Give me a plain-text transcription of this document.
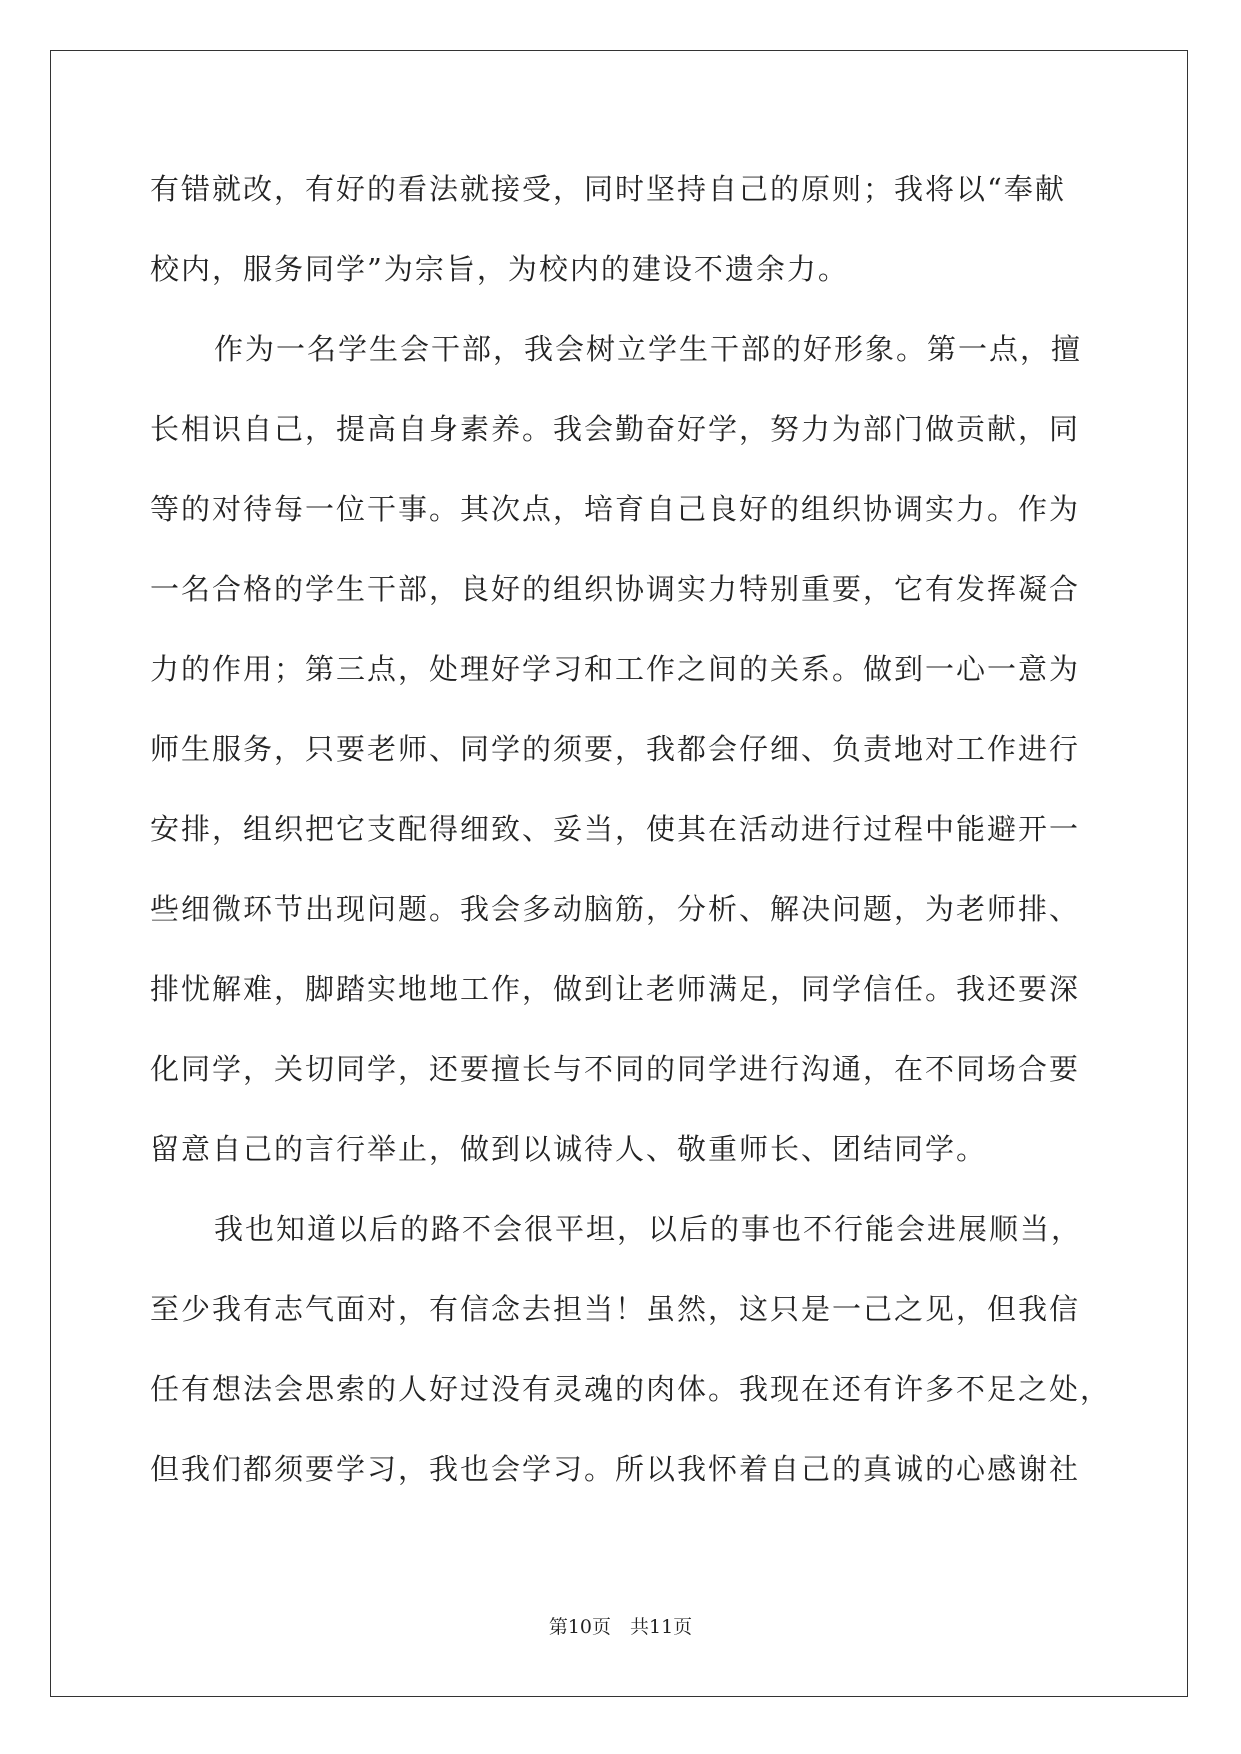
有错就改，有好的看法就接受，同时坚持自己的原则；我将以“奉献
校内，服务同学”为宗旨，为校内的建设不遗余力。
作为一名学生会干部，我会树立学生干部的好形象。第一点，擅
长相识自己，提高自身素养。我会勤奋好学，努力为部门做贡献，同
等的对待每一位干事。其次点，培育自己良好的组织协调实力。作为
一名合格的学生干部，良好的组织协调实力特别重要，它有发挥凝合
力的作用；第三点，处理好学习和工作之间的关系。做到一心一意为
师生服务，只要老师、同学的须要，我都会仔细、负责地对工作进行
安排，组织把它支配得细致、妥当，使其在活动进行过程中能避开一
些细微环节出现问题。我会多动脑筋，分析、解决问题，为老师排、
排忧解难，脚踏实地地工作，做到让老师满足，同学信任。我还要深
化同学，关切同学，还要擅长与不同的同学进行沟通，在不同场合要
留意自己的言行举止，做到以诚待人、敬重师长、团结同学。
我也知道以后的路不会很平坦，以后的事也不行能会进展顺当，
至少我有志气面对，有信念去担当！虽然，这只是一己之见，但我信
任有想法会思索的人好过没有灵魂的肉体。我现在还有许多不足之处，
但我们都须要学习，我也会学习。所以我怀着自己的真诚的心感谢社
第10页　共11页
